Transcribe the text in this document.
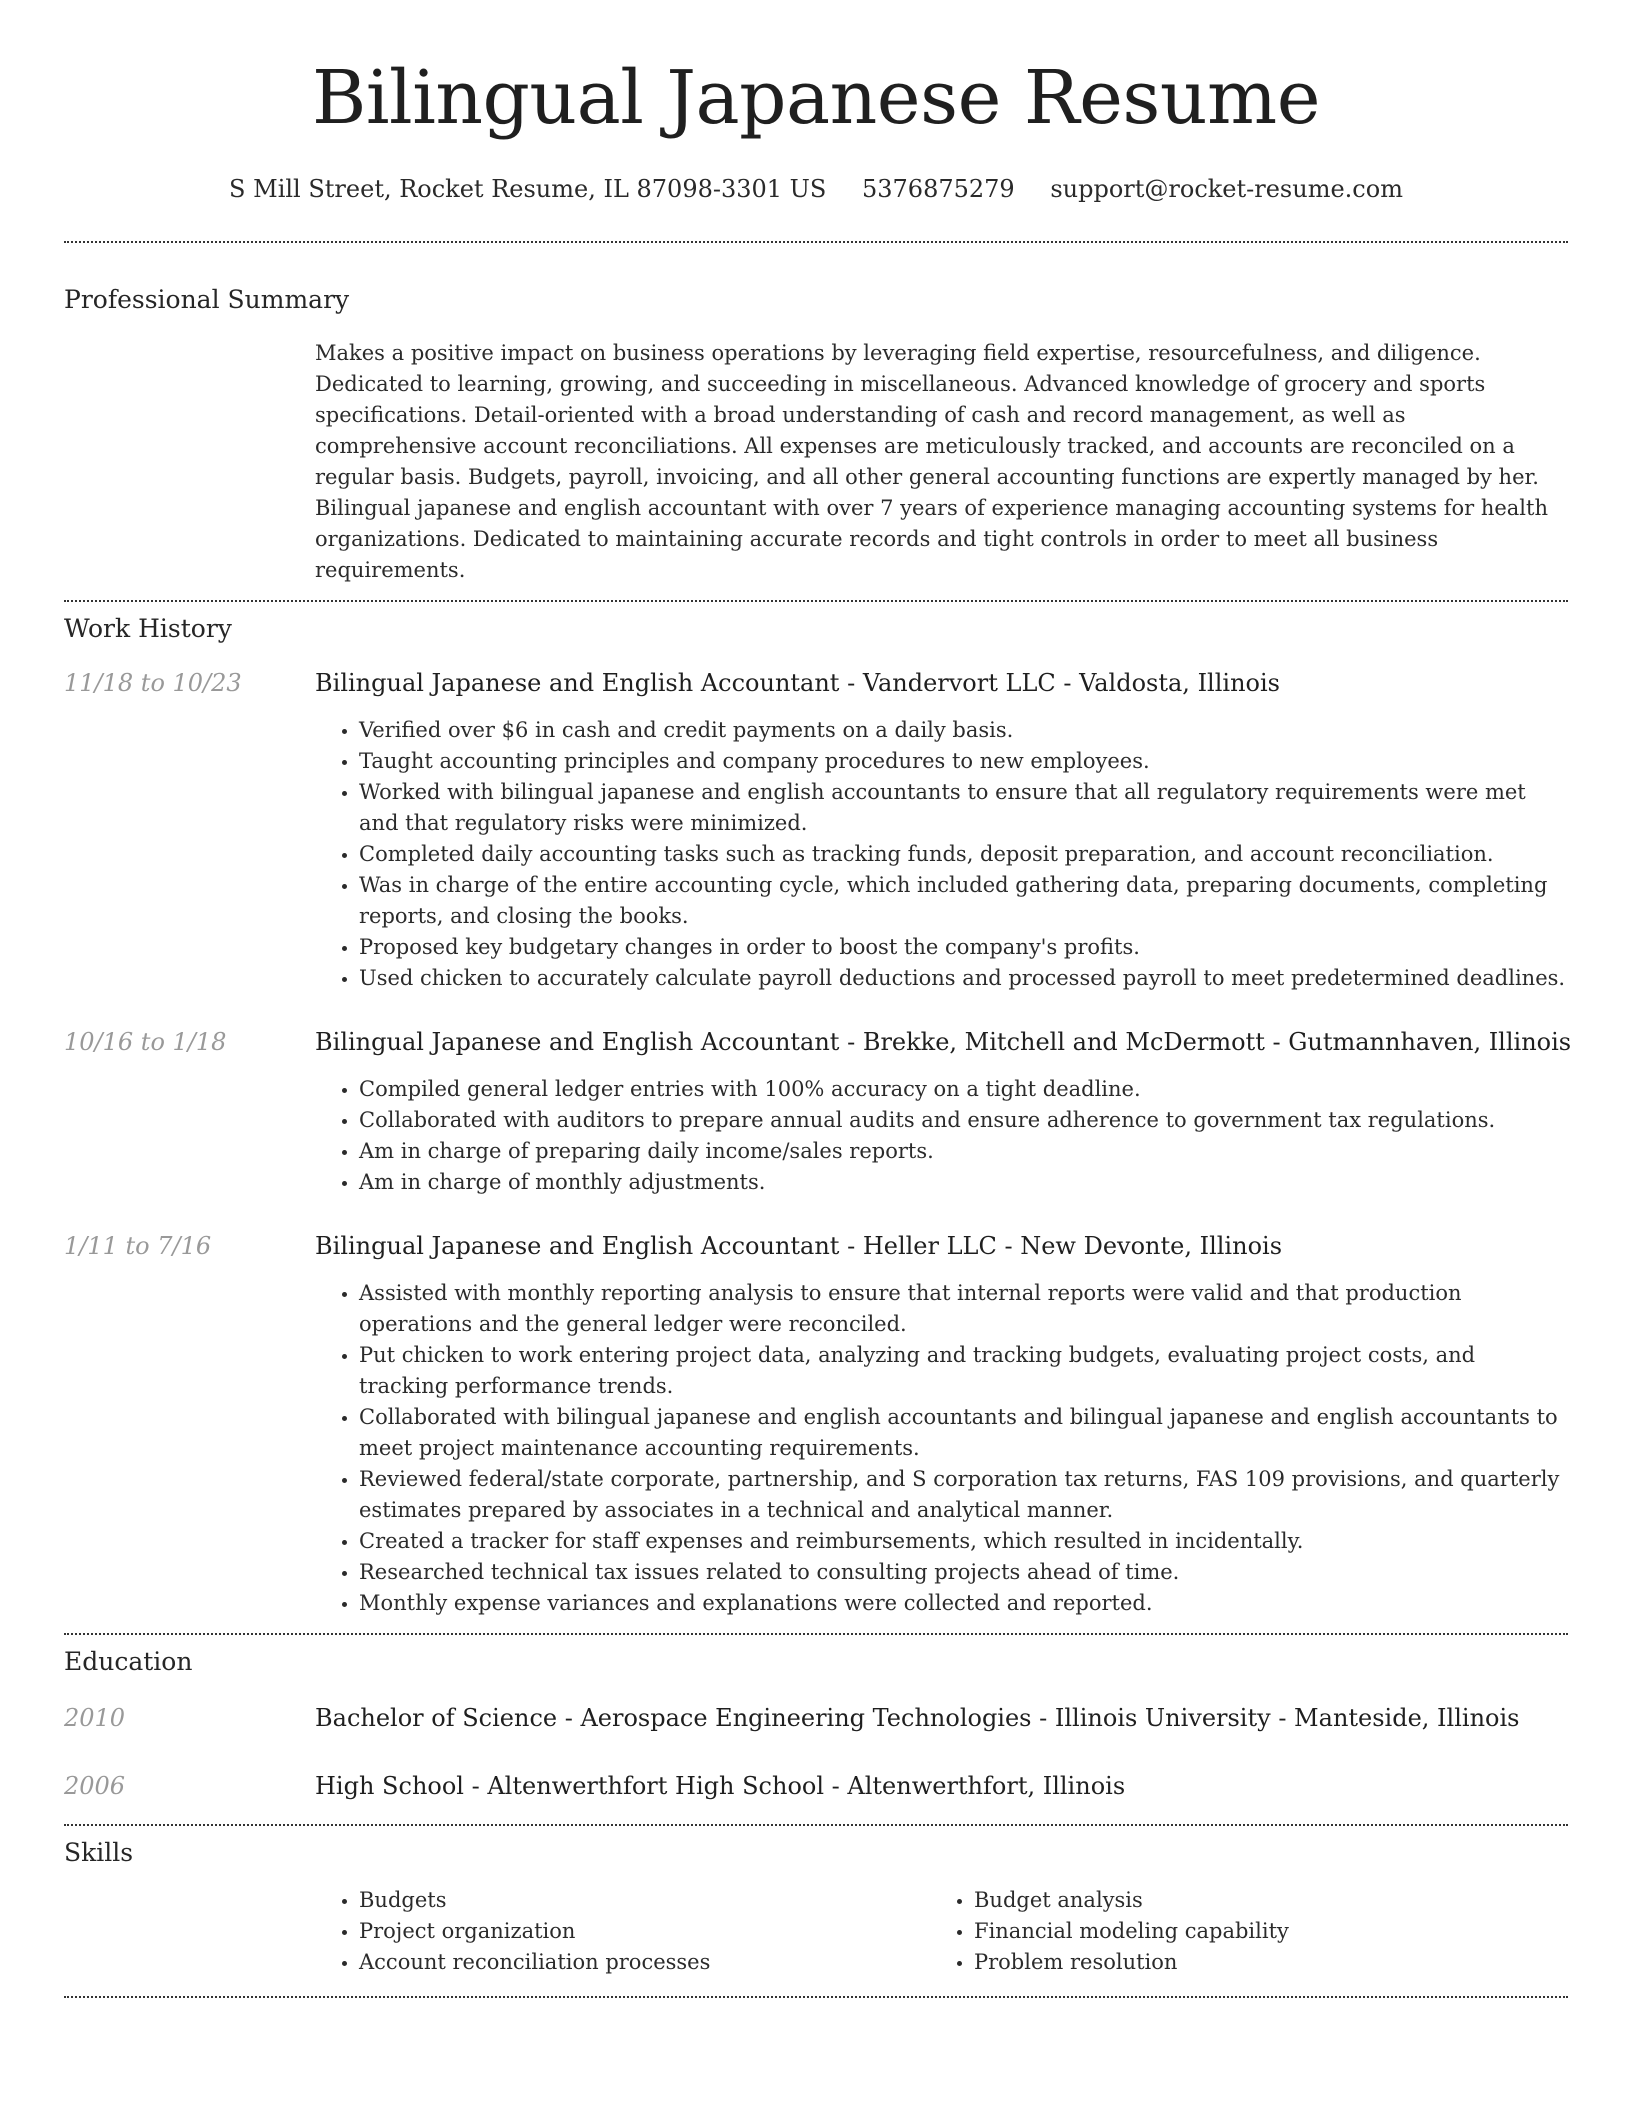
Bilingual Japanese Resume
S Mill Street, Rocket Resume, IL 87098-3301 US 5376875279 support@rocket-resume.com
Professional Summary
Makes a positive impact on business operations by leveraging field expertise, resourcefulness, and diligence. Dedicated to learning, growing, and succeeding in miscellaneous. Advanced knowledge of grocery and sports specifications. Detail-oriented with a broad understanding of cash and record management, as well as comprehensive account reconciliations. All expenses are meticulously tracked, and accounts are reconciled on a regular basis. Budgets, payroll, invoicing, and all other general accounting functions are expertly managed by her. Bilingual japanese and english accountant with over 7 years of experience managing accounting systems for health organizations. Dedicated to maintaining accurate records and tight controls in order to meet all business requirements.
Work History
11/18 to 10/23	Bilingual Japanese and English Accountant - Vandervort LLC - Valdosta, Illinois
• Verified over $6 in cash and credit payments on a daily basis.
• Taught accounting principles and company procedures to new employees.
• Worked with bilingual japanese and english accountants to ensure that all regulatory requirements were met and that regulatory risks were minimized.
• Completed daily accounting tasks such as tracking funds, deposit preparation, and account reconciliation.
• Was in charge of the entire accounting cycle, which included gathering data, preparing documents, completing reports, and closing the books.
• Proposed key budgetary changes in order to boost the company's profits.
• Used chicken to accurately calculate payroll deductions and processed payroll to meet predetermined deadlines.
10/16 to 1/18	Bilingual Japanese and English Accountant - Brekke, Mitchell and McDermott - Gutmannhaven, Illinois
• Compiled general ledger entries with 100% accuracy on a tight deadline.
• Collaborated with auditors to prepare annual audits and ensure adherence to government tax regulations.
• Am in charge of preparing daily income/sales reports.
• Am in charge of monthly adjustments.
1/11 to 7/16	Bilingual Japanese and English Accountant - Heller LLC - New Devonte, Illinois
• Assisted with monthly reporting analysis to ensure that internal reports were valid and that production operations and the general ledger were reconciled.
• Put chicken to work entering project data, analyzing and tracking budgets, evaluating project costs, and tracking performance trends.
• Collaborated with bilingual japanese and english accountants and bilingual japanese and english accountants to meet project maintenance accounting requirements.
• Reviewed federal/state corporate, partnership, and S corporation tax returns, FAS 109 provisions, and quarterly estimates prepared by associates in a technical and analytical manner.
• Created a tracker for staff expenses and reimbursements, which resulted in incidentally.
• Researched technical tax issues related to consulting projects ahead of time.
• Monthly expense variances and explanations were collected and reported.
Education
2010	Bachelor of Science - Aerospace Engineering Technologies - Illinois University - Manteside, Illinois
2006	High School - Altenwerthfort High School - Altenwerthfort, Illinois
Skills
• Budgets
• Project organization
• Account reconciliation processes
• Budget analysis
• Financial modeling capability
• Problem resolution
